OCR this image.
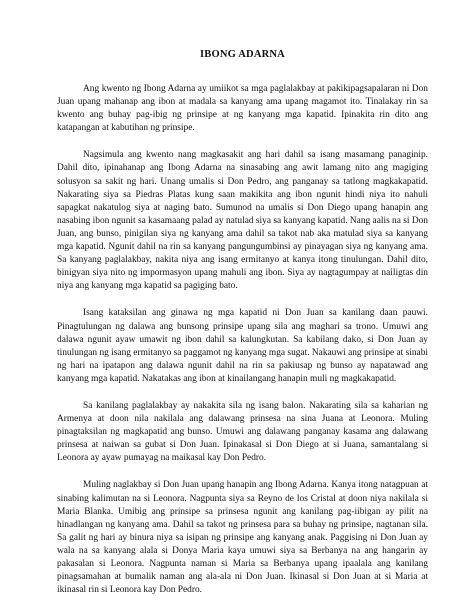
IBONG ADARNA

Ang kwento ng Ibong Adarna ay umiikot sa mga paglalakbay at pakikipagsapalaran ni Don Juan upang mahanap ang ibon at madala sa kanyang ama upang magamot ito. Tinalakay rin sa kwento ang buhay pag-ibig ng prinsipe at ng kanyang mga kapatid. Ipinakita rin dito ang katapangan at kabutihan ng prinsipe.

Nagsimula ang kwento nang magkasakit ang hari dahil sa isang masamang panaginip. Dahil dito, ipinahanap ang Ibong Adarna na sinasabing ang awit lamang nito ang magiging solusyon sa sakit ng hari. Unang umalis si Don Pedro, ang panganay sa tatlong magkakapatid. Nakarating siya sa Piedras Platas kung saan makikita ang ibon ngunit hindi niya ito nahuli sapagkat nakatulog siya at naging bato. Sumunod na umalis si Don Diego upang hanapin ang nasabing ibon ngunit sa kasamaang palad ay natulad siya sa kanyang kapatid. Nang aalis na si Don Juan, ang bunso, pinigilan siya ng kanyang ama dahil sa takot nab aka matulad siya sa kanyang mga kapatid. Ngunit dahil na rin sa kanyang pangungumbinsi ay pinayagan siya ng kanyang ama. Sa kanyang paglalakbay, nakita niya ang isang ermitanyo at kanya itong tinulungan. Dahil dito, binigyan siya nito ng impormasyon upang mahuli ang ibon. Siya ay nagtagumpay at nailigtas din niya ang kanyang mga kapatid sa pagiging bato.

Isang kataksilan ang ginawa ng mga kapatid ni Don Juan sa kanilang daan pauwi. Pinagtulungan ng dalawa ang bunsong prinsipe upang sila ang maghari sa trono. Umuwi ang dalawa ngunit ayaw umawit ng ibon dahil sa kalungkutan. Sa kabilang dako, si Don Juan ay tinulungan ng isang ermitanyo sa paggamot ng kanyang mga sugat. Nakauwi ang prinsipe at sinabi ng hari na ipatapon ang dalawa ngunit dahil na rin sa pakiusap ng bunso ay napatawad ang kanyang mga kapatid. Nakatakas ang ibon at kinailangang hanapin muli ng magkakapatid.

Sa kanilang paglalakbay ay nakakita sila ng isang balon. Nakarating sila sa kaharian ng Armenya at doon nila nakilala ang dalawang prinsesa na sina Juana at Leonora. Muling pinagtaksilan ng magkapatid ang bunso. Umuwi ang dalawang panganay kasama ang dalawang prinsesa at naiwan sa gubat si Don Juan. Ipinakasal si Don Diego at si Juana, samantalang si Leonora ay ayaw pumayag na maikasal kay Don Pedro.

Muling naglakbay si Don Juan upang hanapin ang Ibong Adarna. Kanya itong natagpuan at sinabing kalimutan na si Leonora. Nagpunta siya sa Reyno de los Cristal at doon niya nakilala si Maria Blanka. Umibig ang prinsipe sa prinsesa ngunit ang kanilang pag-iibigan ay pilit na hinadlangan ng kanyang ama. Dahil sa takot ng prinsesa para sa buhay ng prinsipe, nagtanan sila. Sa galit ng hari ay binura niya sa isipan ng prinsipe ang kanyang anak. Paggising ni Don Juan ay wala na sa kanyang alala si Donya Maria kaya umuwi siya sa Berbanya na ang hangarin ay pakasalan si Leonora. Nagpunta naman si Maria sa Berbanya upang ipaalala ang kanilang pinagsamahan at bumalik naman ang ala-ala ni Don Juan. Ikinasal si Don Juan at si Maria at ikinasal rin si Leonora kay Don Pedro.
